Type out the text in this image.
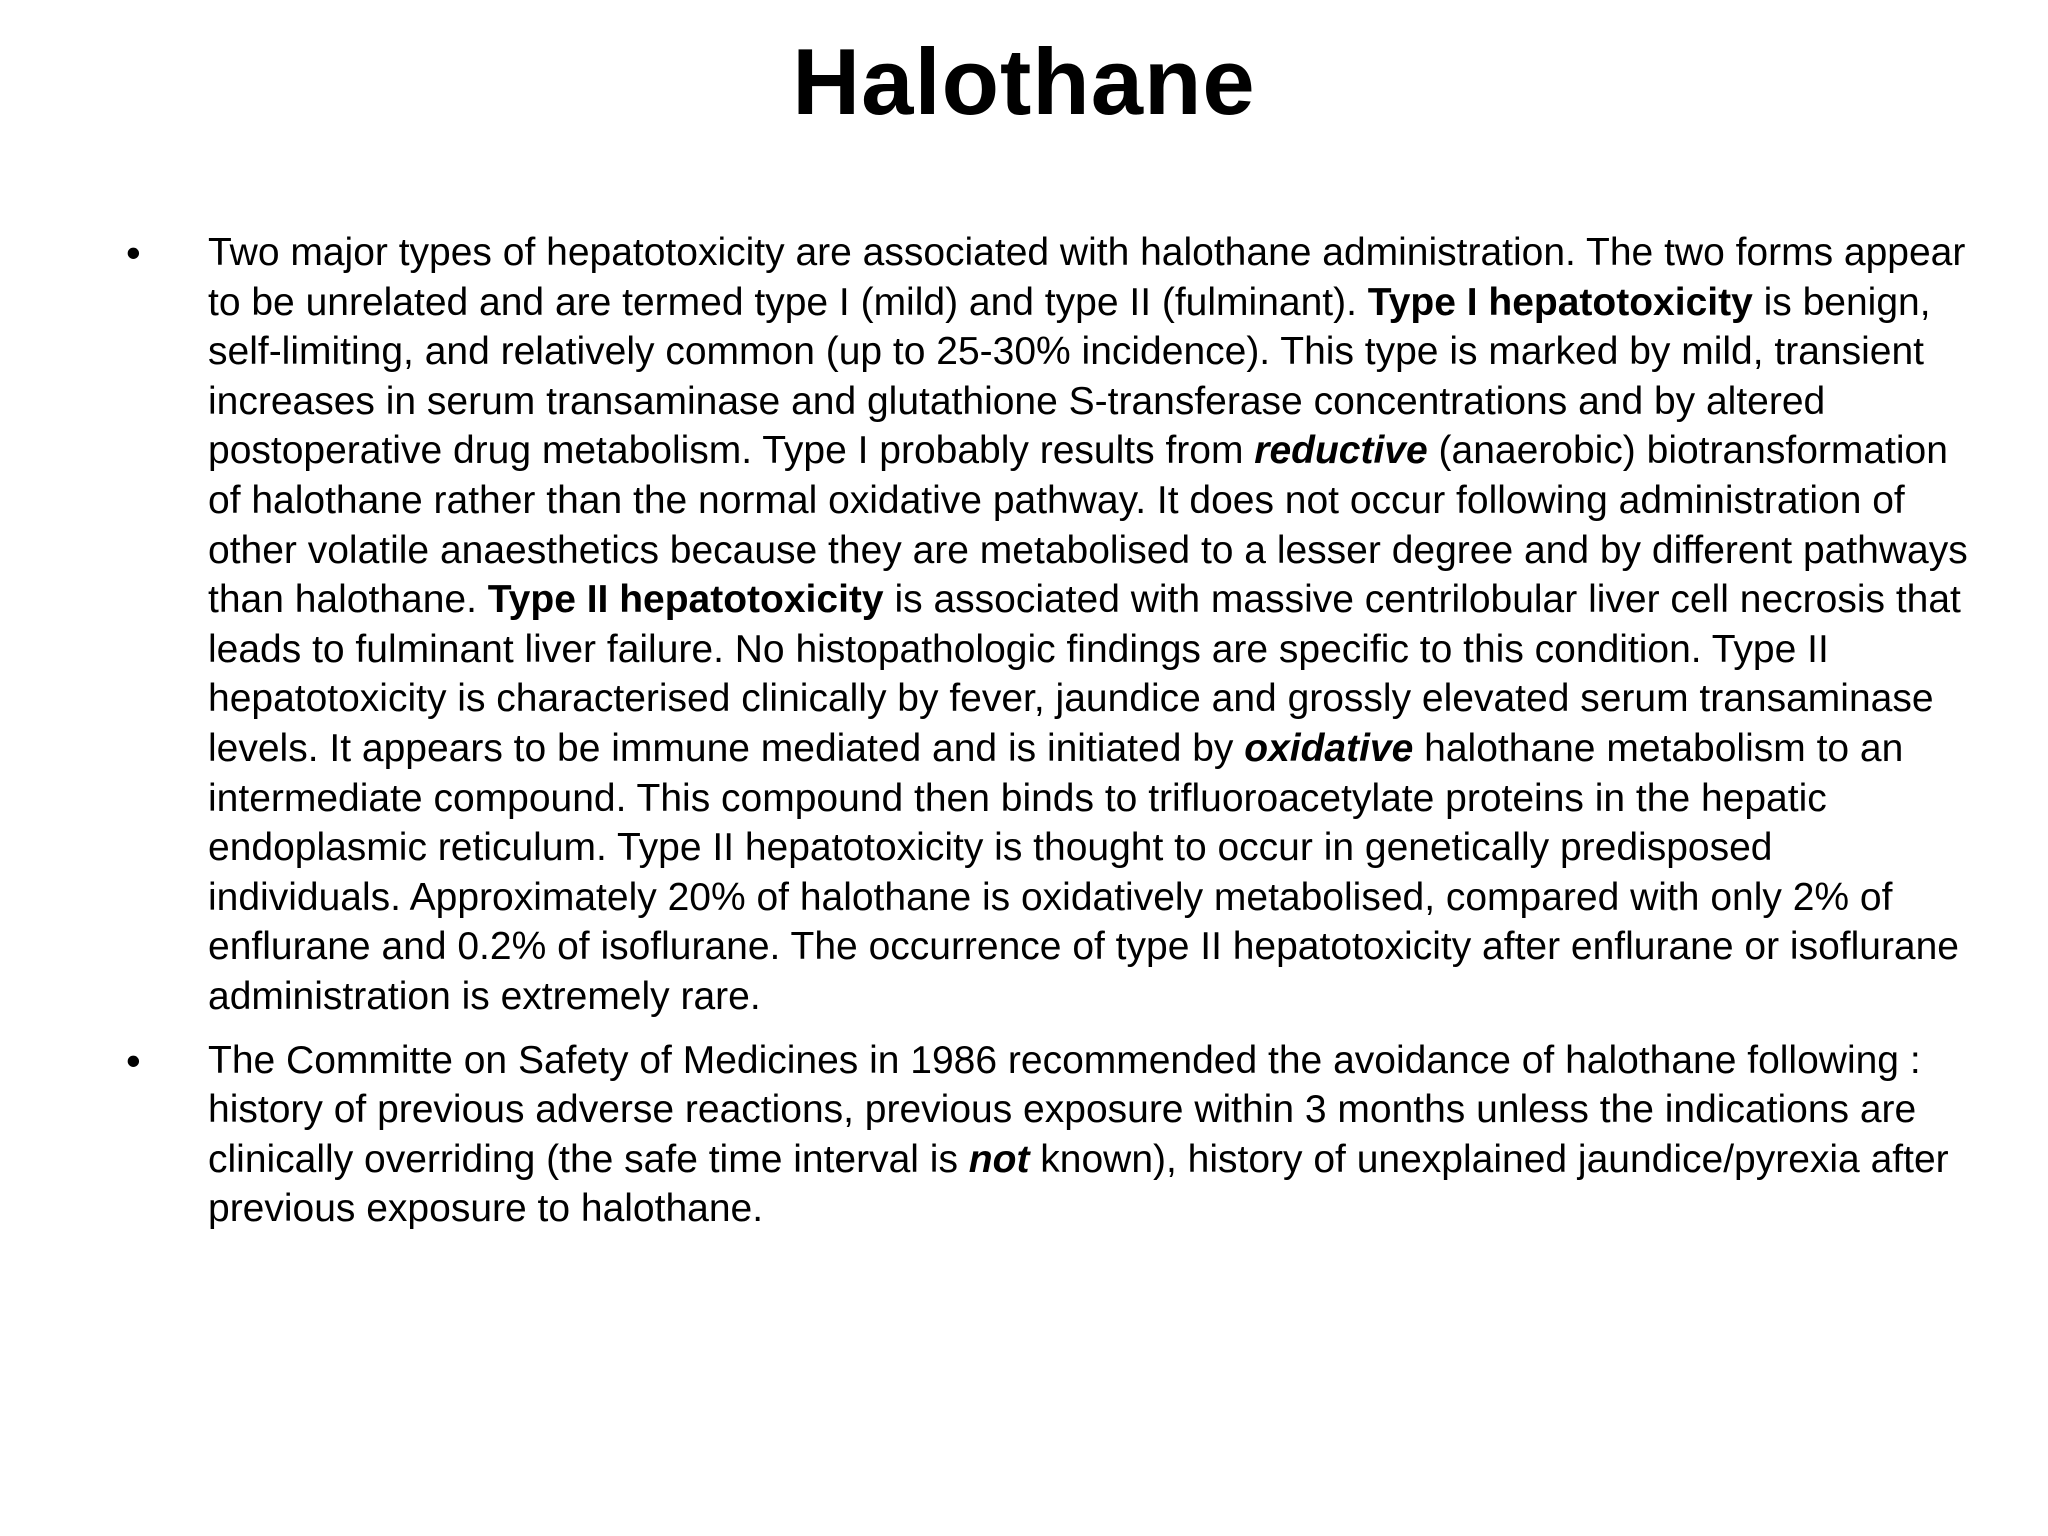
Halothane
• Two major types of hepatotoxicity are associated with halothane administration. The two forms appear to be unrelated and are termed type I (mild) and type II (fulminant). Type I hepatotoxicity is benign, self-limiting, and relatively common (up to 25-30% incidence). This type is marked by mild, transient increases in serum transaminase and glutathione S-transferase concentrations and by altered postoperative drug metabolism. Type I probably results from reductive (anaerobic) biotransformation of halothane rather than the normal oxidative pathway. It does not occur following administration of other volatile anaesthetics because they are metabolised to a lesser degree and by different pathways than halothane. Type II hepatotoxicity is associated with massive centrilobular liver cell necrosis that leads to fulminant liver failure. No histopathologic findings are specific to this condition. Type II hepatotoxicity is characterised clinically by fever, jaundice and grossly elevated serum transaminase levels. It appears to be immune mediated and is initiated by oxidative halothane metabolism to an intermediate compound. This compound then binds to trifluoroacetylate proteins in the hepatic endoplasmic reticulum. Type II hepatotoxicity is thought to occur in genetically predisposed individuals. Approximately 20% of halothane is oxidatively metabolised, compared with only 2% of enflurane and 0.2% of isoflurane. The occurrence of type II hepatotoxicity after enflurane or isoflurane administration is extremely rare.

• The Committe on Safety of Medicines in 1986 recommended the avoidance of halothane following : history of previous adverse reactions, previous exposure within 3 months unless the indications are clinically overriding (the safe time interval is not known), history of unexplained jaundice/pyrexia after previous exposure to halothane.
